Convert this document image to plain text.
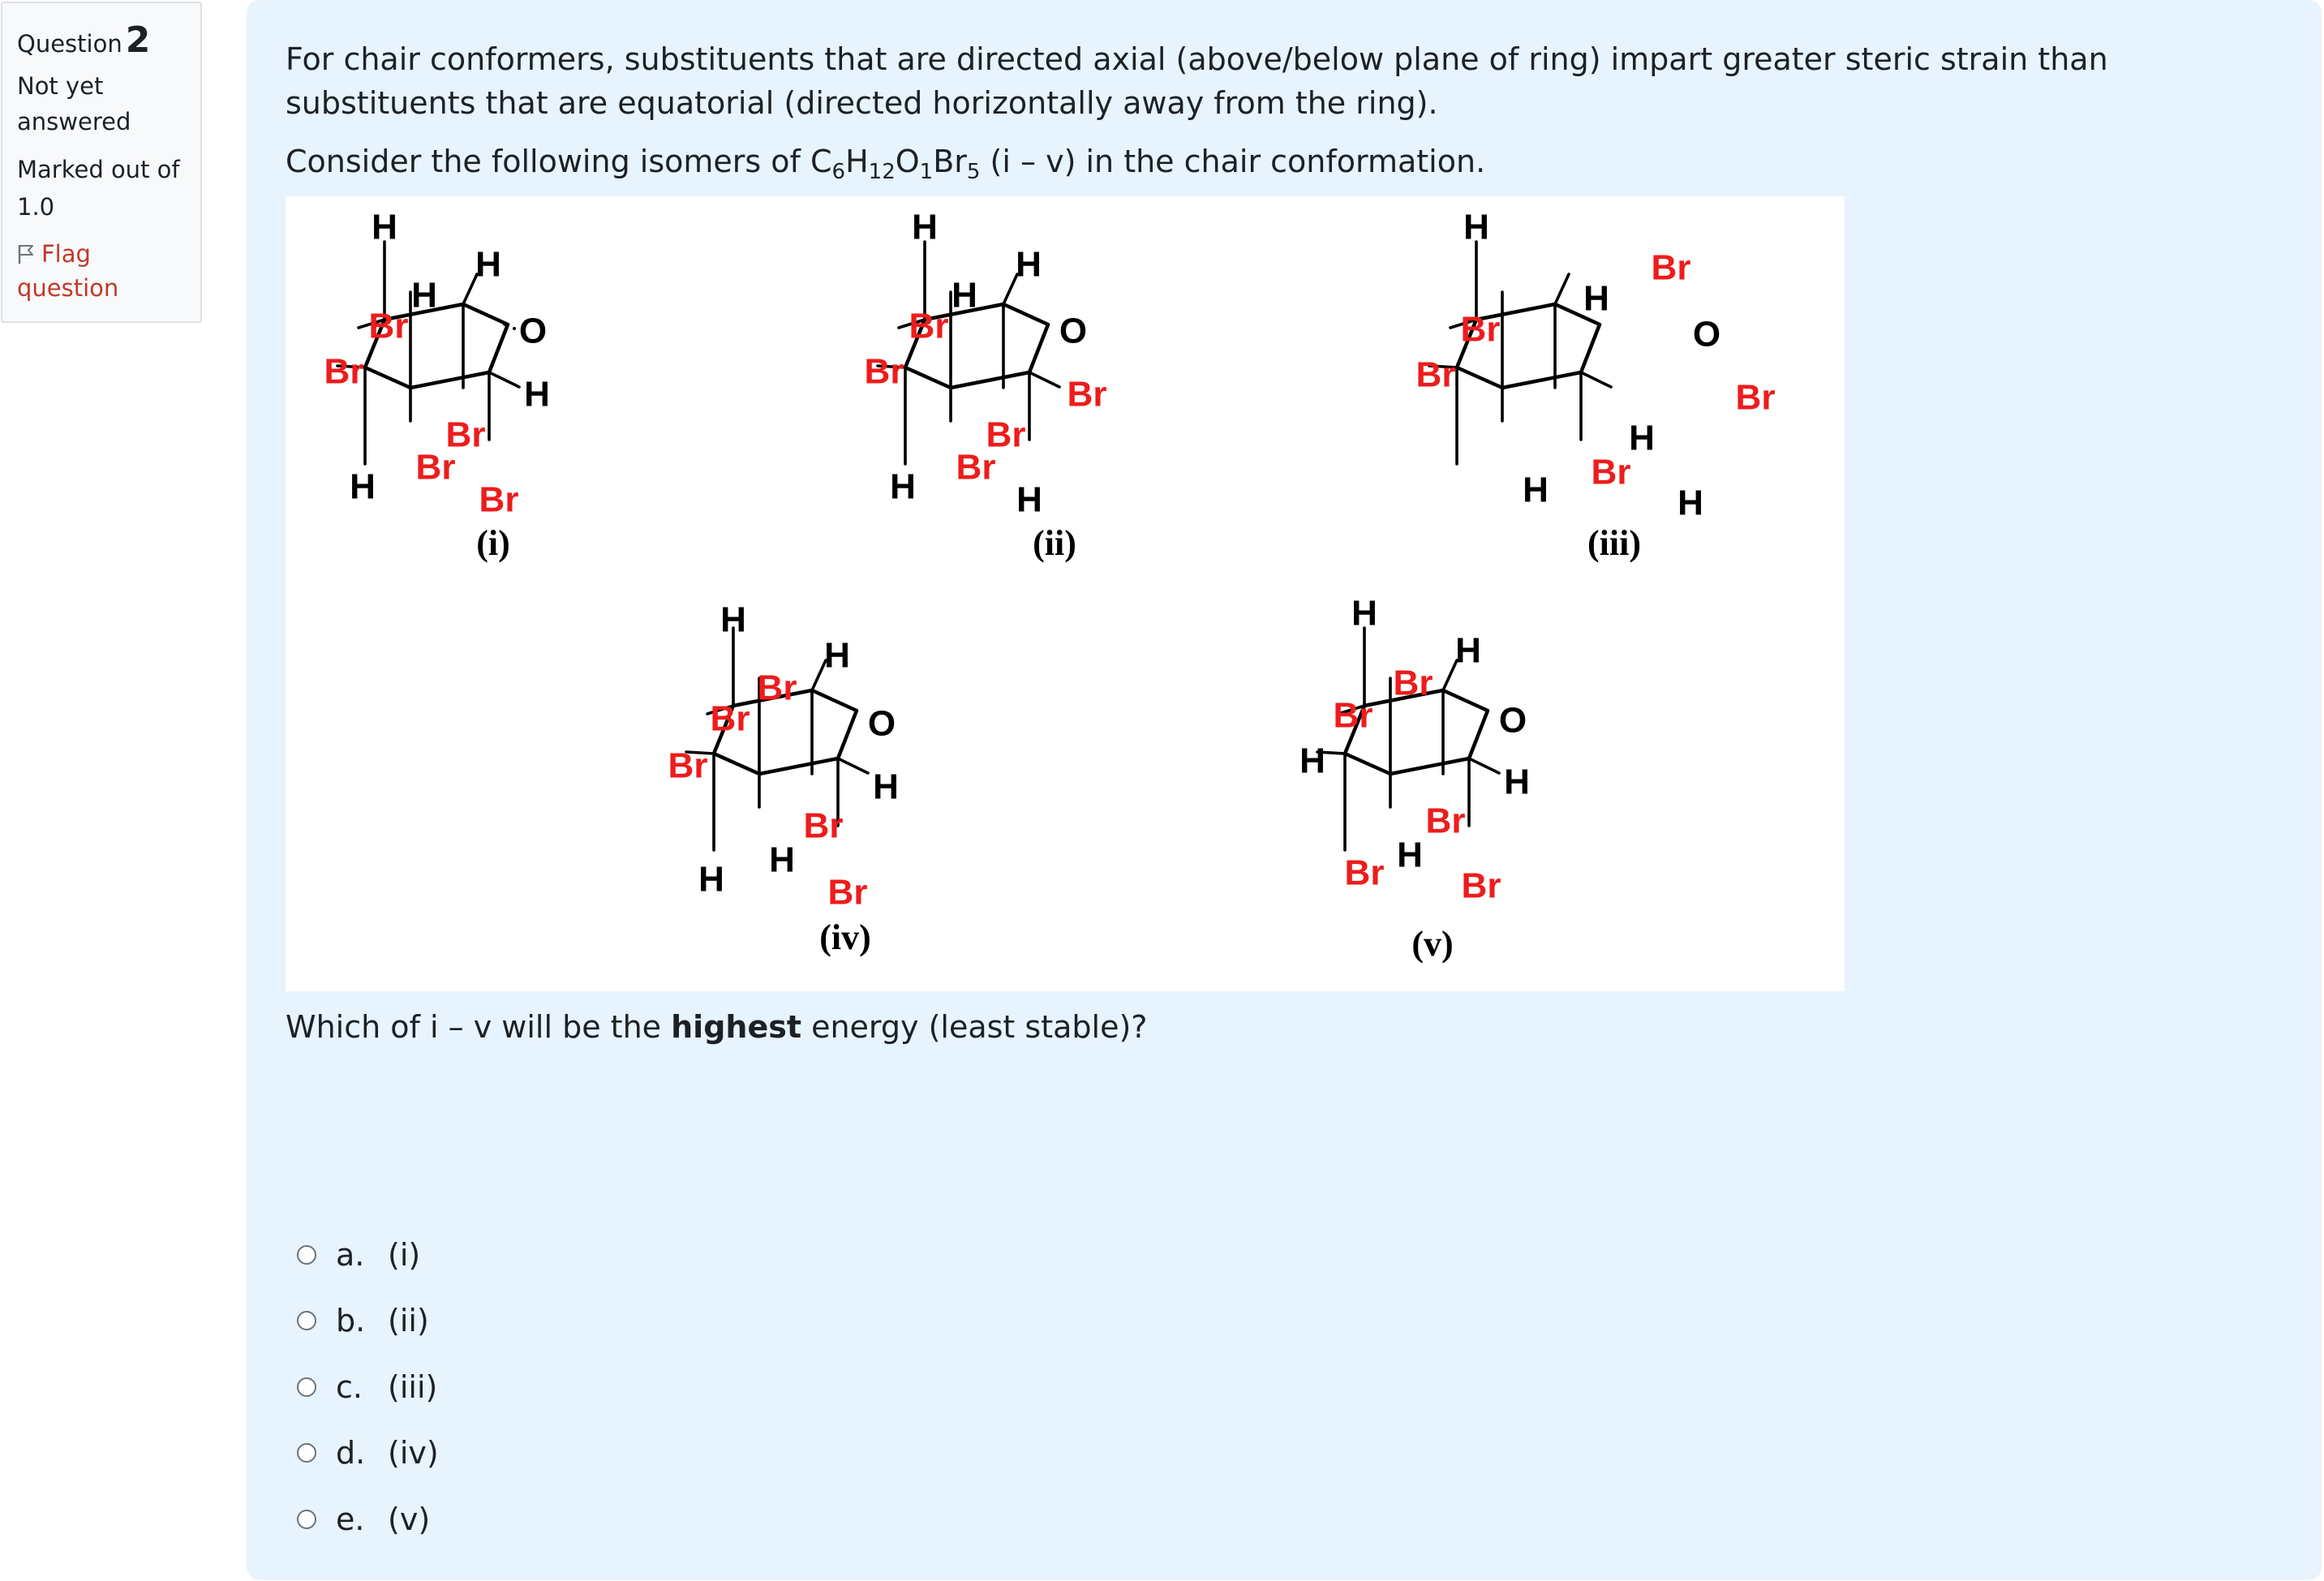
Question2
Not yet
answered
Marked out of
1.0
Flag
question
For chair conformers, substituents that are directed axial (above/below plane of ring) impart greater steric strain than substituents that are equatorial (directed horizontally away from the ring).
Consider the following isomers of $C_6H_{12}O_1Br_5$ (i – v) in the chair conformation.
H
H
H
Br	O
Br
H
Br
Br
H	Br
(i)
H
H
H
Br	O
Br
Br
Br
Br
H	H
(ii)
H
Br
H
Br	O
Br
Br
H
Br
H	H
(iii)
H
H
Br
Br	O
Br
H
Br
H
H	Br
(iv)
H
H
Br
Br	O
H
H
Br
H
Br Br
(v)
Which of i – v will be the highest energy (least stable)?
a. (i)
b. (ii)
c. (iii)
d. (iv)
e. (v)
